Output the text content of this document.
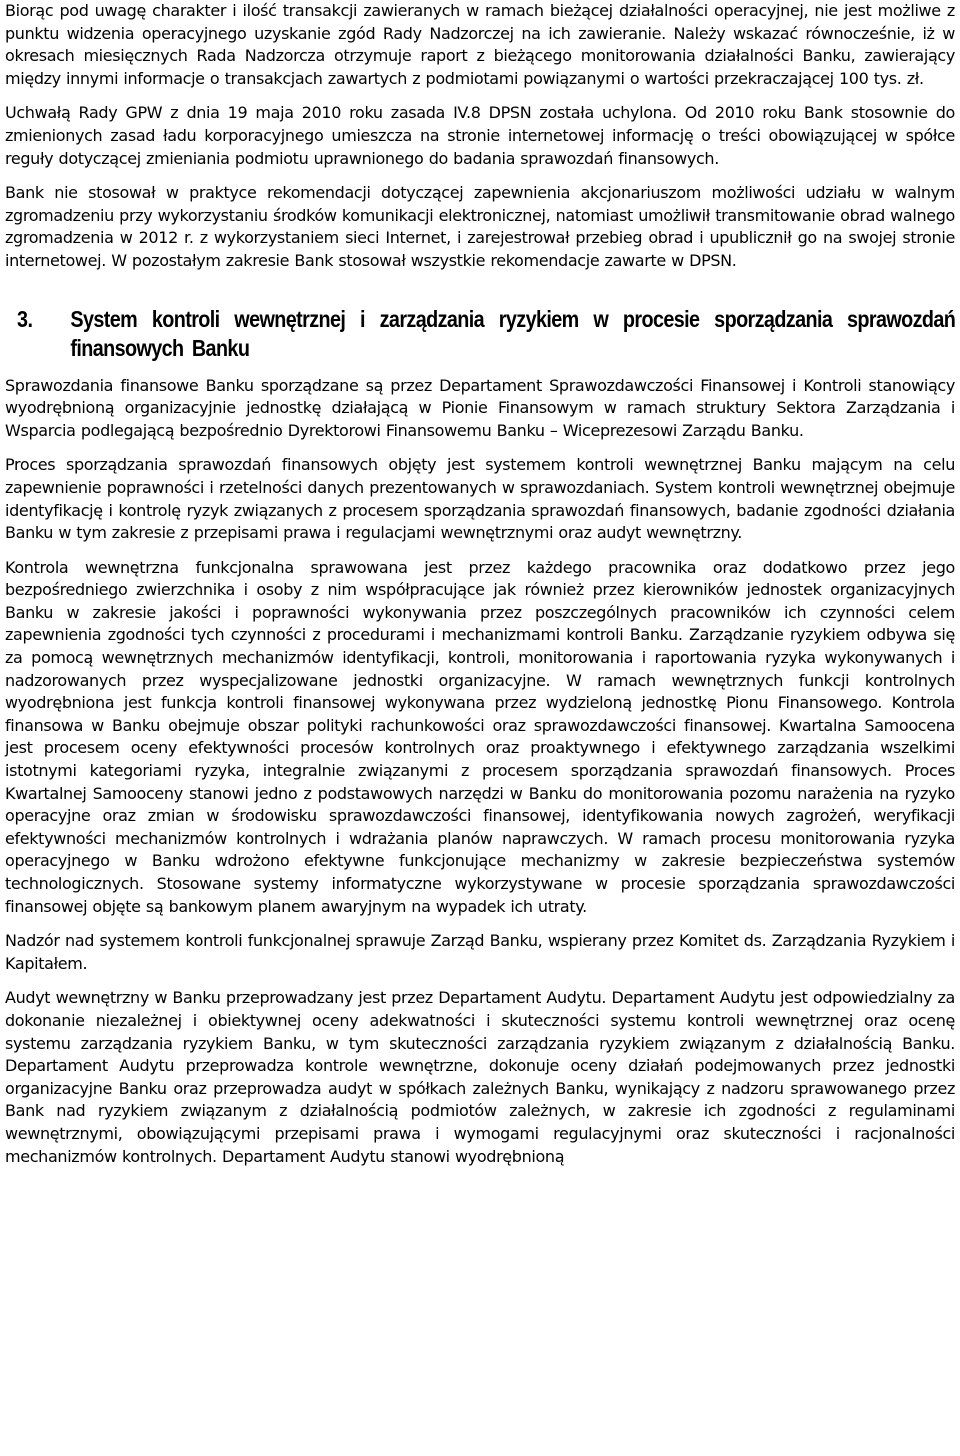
Biorąc pod uwagę charakter i ilość transakcji zawieranych w ramach bieżącej działalności operacyjnej, nie jest możliwe z punktu widzenia operacyjnego uzyskanie zgód Rady Nadzorczej na ich zawieranie. Należy wskazać równocześnie, iż w okresach miesięcznych Rada Nadzorcza otrzymuje raport z bieżącego monitorowania działalności Banku, zawierający między innymi informacje o transakcjach zawartych z podmiotami powiązanymi o wartości przekraczającej 100 tys. zł.

Uchwałą Rady GPW z dnia 19 maja 2010 roku zasada IV.8 DPSN została uchylona. Od 2010 roku Bank stosownie do zmienionych zasad ładu korporacyjnego umieszcza na stronie internetowej informację o treści obowiązującej w spółce reguły dotyczącej zmieniania podmiotu uprawnionego do badania sprawozdań finansowych.

Bank nie stosował w praktyce rekomendacji dotyczącej zapewnienia akcjonariuszom możliwości udziału w walnym zgromadzeniu przy wykorzystaniu środków komunikacji elektronicznej, natomiast umożliwił transmitowanie obrad walnego zgromadzenia w 2012 r. z wykorzystaniem sieci Internet, i zarejestrował przebieg obrad i upublicznił go na swojej stronie internetowej. W pozostałym zakresie Bank stosował wszystkie rekomendacje zawarte w DPSN.

3.	System kontroli wewnętrznej i zarządzania ryzykiem w procesie sporządzania sprawozdań finansowych Banku

Sprawozdania finansowe Banku sporządzane są przez Departament Sprawozdawczości Finansowej i Kontroli stanowiący wyodrębnioną organizacyjnie jednostkę działającą w Pionie Finansowym w ramach struktury Sektora Zarządzania i Wsparcia podlegającą bezpośrednio Dyrektorowi Finansowemu Banku – Wiceprezesowi Zarządu Banku.

Proces sporządzania sprawozdań finansowych objęty jest systemem kontroli wewnętrznej Banku mającym na celu zapewnienie poprawności i rzetelności danych prezentowanych w sprawozdaniach. System kontroli wewnętrznej obejmuje identyfikację i kontrolę ryzyk związanych z procesem sporządzania sprawozdań finansowych, badanie zgodności działania Banku w tym zakresie z przepisami prawa i regulacjami wewnętrznymi oraz audyt wewnętrzny.

Kontrola wewnętrzna funkcjonalna sprawowana jest przez każdego pracownika oraz dodatkowo przez jego bezpośredniego zwierzchnika i osoby z nim współpracujące jak również przez kierowników jednostek organizacyjnych Banku w zakresie jakości i poprawności wykonywania przez poszczególnych pracowników ich czynności celem zapewnienia zgodności tych czynności z procedurami i mechanizmami kontroli Banku. Zarządzanie ryzykiem odbywa się za pomocą wewnętrznych mechanizmów identyfikacji, kontroli, monitorowania i raportowania ryzyka wykonywanych i nadzorowanych przez wyspecjalizowane jednostki organizacyjne. W ramach wewnętrznych funkcji kontrolnych wyodrębniona jest funkcja kontroli finansowej wykonywana przez wydzieloną jednostkę Pionu Finansowego. Kontrola finansowa w Banku obejmuje obszar polityki rachunkowości oraz sprawozdawczości finansowej. Kwartalna Samoocena jest procesem oceny efektywności procesów kontrolnych oraz proaktywnego i efektywnego zarządzania wszelkimi istotnymi kategoriami ryzyka, integralnie związanymi z procesem sporządzania sprawozdań finansowych. Proces Kwartalnej Samooceny stanowi jedno z podstawowych narzędzi w Banku do monitorowania pozomu narażenia na ryzyko operacyjne oraz zmian w środowisku sprawozdawczości finansowej, identyfikowania nowych zagrożeń, weryfikacji efektywności mechanizmów kontrolnych i wdrażania planów naprawczych. W ramach procesu monitorowania ryzyka operacyjnego w Banku wdrożono efektywne funkcjonujące mechanizmy w zakresie bezpieczeństwa systemów technologicznych. Stosowane systemy informatyczne wykorzystywane w procesie sporządzania sprawozdawczości finansowej objęte są bankowym planem awaryjnym na wypadek ich utraty.

Nadzór nad systemem kontroli funkcjonalnej sprawuje Zarząd Banku, wspierany przez Komitet ds. Zarządzania Ryzykiem i Kapitałem.

Audyt wewnętrzny w Banku przeprowadzany jest przez Departament Audytu. Departament Audytu jest odpowiedzialny za dokonanie niezależnej i obiektywnej oceny adekwatności i skuteczności systemu kontroli wewnętrznej oraz ocenę systemu zarządzania ryzykiem Banku, w tym skuteczności zarządzania ryzykiem związanym z działalnością Banku. Departament Audytu przeprowadza kontrole wewnętrzne, dokonuje oceny działań podejmowanych przez jednostki organizacyjne Banku oraz przeprowadza audyt w spółkach zależnych Banku, wynikający z nadzoru sprawowanego przez Bank nad ryzykiem związanym z działalnością podmiotów zależnych, w zakresie ich zgodności z regulaminami wewnętrznymi, obowiązującymi przepisami prawa i wymogami regulacyjnymi oraz skuteczności i racjonalności mechanizmów kontrolnych. Departament Audytu stanowi wyodrębnioną
